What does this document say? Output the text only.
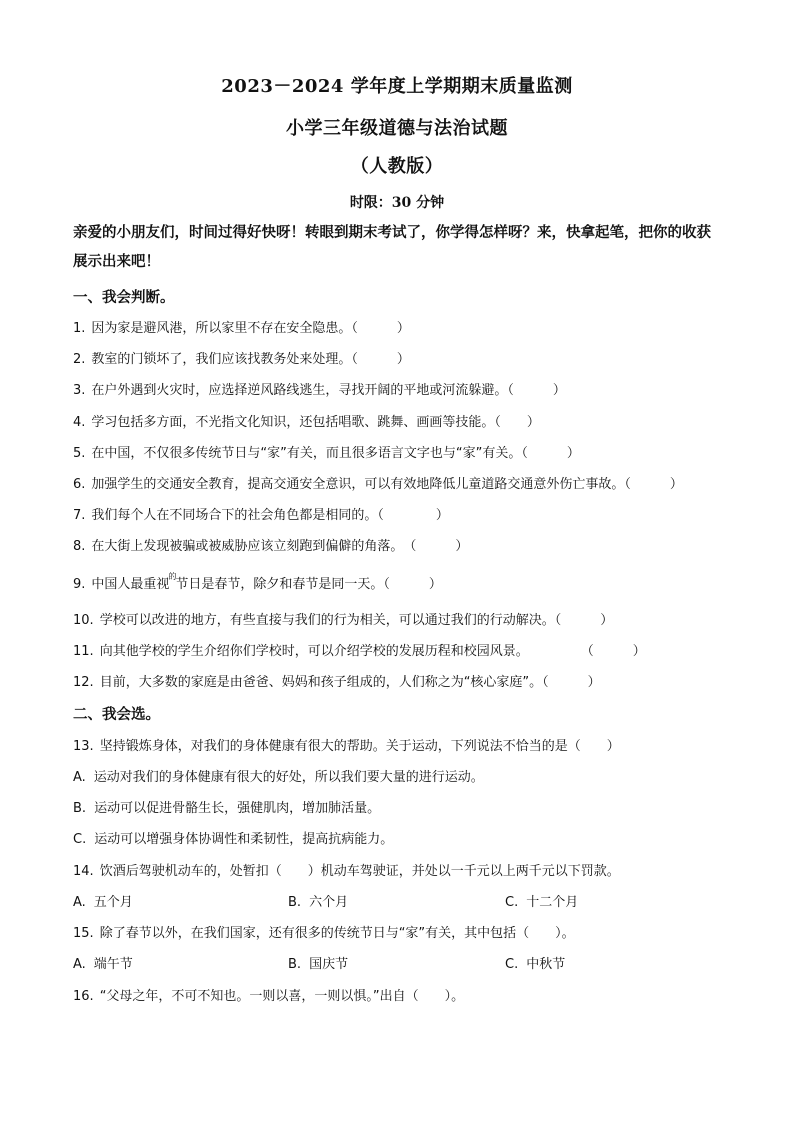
2023－2024 学年度上学期期末质量监测
小学三年级道德与法治试题
（人教版）
时限：30 分钟
亲爱的小朋友们，时间过得好快呀！转眼到期末考试了，你学得怎样呀？来，快拿起笔，把你的收获展示出来吧！
一、我会判断。
1. 因为家是避风港，所以家里不存在安全隐患。（　　　）
2. 教室的门锁坏了，我们应该找教务处来处理。（　　　）
3. 在户外遇到火灾时，应选择逆风路线逃生，寻找开阔的平地或河流躲避。（　　　）
4. 学习包括多方面，不光指文化知识，还包括唱歌、跳舞、画画等技能。（　　）
5. 在中国，不仅很多传统节日与“家”有关，而且很多语言文字也与“家”有关。（　　　）
6. 加强学生的交通安全教育，提高交通安全意识，可以有效地降低儿童道路交通意外伤亡事故。（　　　）
7. 我们每个人在不同场合下的社会角色都是相同的。（　　　　）
8. 在大街上发现被骗或被威胁应该立刻跑到偏僻的角落。　（　　　）
9. 中国人最重视$^的$节日是春节，除夕和春节是同一天。（　　　）
10. 学校可以改进的地方，有些直接与我们的行为相关，可以通过我们的行动解决。（　　　）
11. 向其他学校的学生介绍你们学校时，可以介绍学校的发展历程和校园风景。　　　　　（　　　）
12. 目前，大多数的家庭是由爸爸、妈妈和孩子组成的，人们称之为“核心家庭”。（　　　）
二、我会选。
13. 坚持锻炼身体，对我们的身体健康有很大的帮助。关于运动，下列说法不恰当的是（　　）
A. 运动对我们的身体健康有很大的好处，所以我们要大量的进行运动。
B. 运动可以促进骨骼生长，强健肌肉，增加肺活量。
C. 运动可以增强身体协调性和柔韧性，提高抗病能力。
14. 饮酒后驾驶机动车的，处暂扣（　　）机动车驾驶证，并处以一千元以上两千元以下罚款。
A. 五个月	B. 六个月	C. 十二个月
15. 除了春节以外，在我们国家，还有很多的传统节日与“家”有关，其中包括（　　）。
A. 端午节	B. 国庆节	C. 中秋节
16. “父母之年，不可不知也。一则以喜，一则以惧。”出自（　　）。
